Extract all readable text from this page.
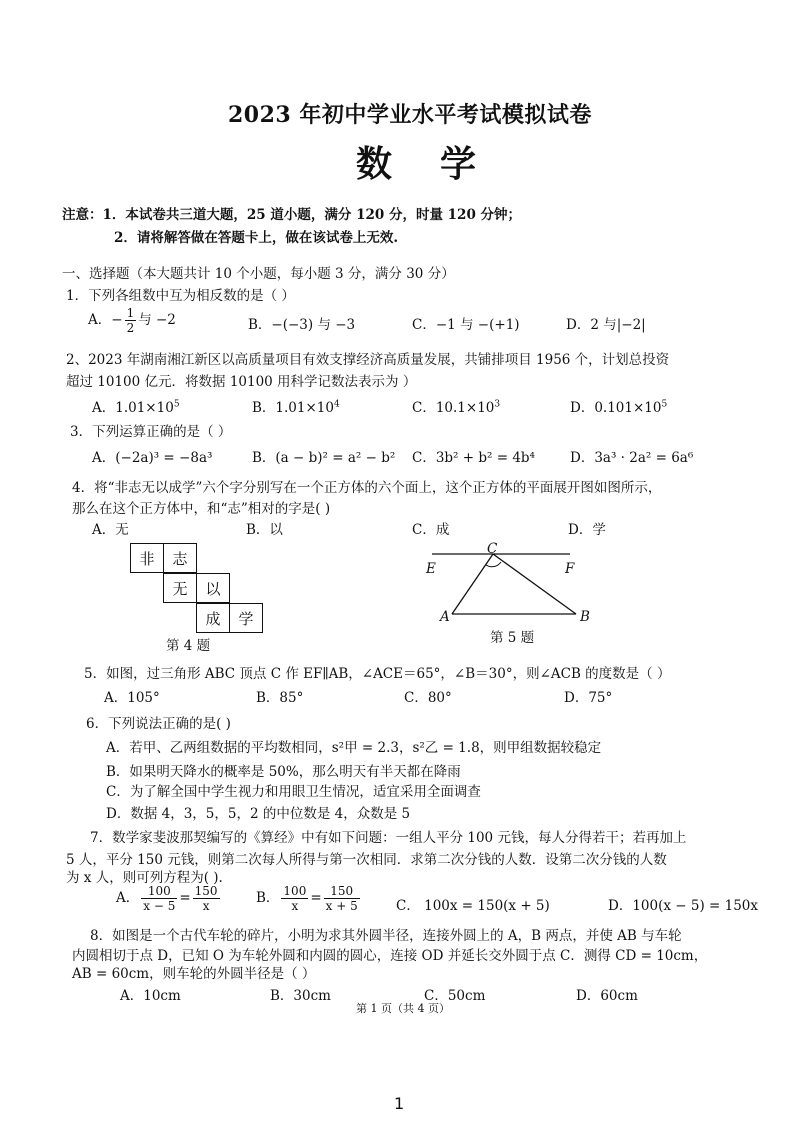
2023 年初中学业水平考试模拟试卷
数学
注意：1．本试卷共三道大题，25 道小题，满分 120 分，时量 120 分钟；
2．请将解答做在答题卡上，做在该试卷上无效.
一、选择题（本大题共计 10 个小题，每小题 3 分，满分 30 分）
1．下列各组数中互为相反数的是（ ）
A．− $\frac{1}{2}$ 与 −2	B．−(−3) 与 −3	C．−1 与 −(+1)	D．2 与|−2|
2、2023 年湖南湘江新区以高质量项目有效支撑经济高质量发展，共铺排项目 1956 个，计划总投资
超过 10100 亿元．将数据 10100 用科学记数法表示为 ）
A．$1.01\times 10^5$	B．$1.01\times 10^4$	C．$10.1\times 10^3$	D．$0.101\times 10^5$
3．下列运算正确的是（ ）
A．(−2a)³ = −8a³	B．(a − b)² = a² − b² C．3b² + b² = 4b⁴	D．3a³ · 2a² = 6a⁶
4．将“非志无以成学”六个字分别写在一个正方体的六个面上，这个正方体的平面展开图如图所示，
那么在这个正方体中，和“志”相对的字是( )
A．无	B．以	C．成	D．学
非	志
无	以
成	学
第 4 题
C
E	F
A	B
第 5 题
5．如图，过三角形 ABC 顶点 C 作 EF∥AB，∠ACE＝65°，∠B＝30°，则∠ACB 的度数是（ ）
A．105°	B．85°	C．80°	D．75°
6．下列说法正确的是( )
A．若甲、乙两组数据的平均数相同，s²甲 = 2.3，s²乙 = 1.8，则甲组数据较稳定
B．如果明天降水的概率是 50%，那么明天有半天都在降雨
C．为了解全国中学生视力和用眼卫生情况，适宜采用全面调查
D．数据 4，3，5，5，2 的中位数是 4，众数是 5
7．数学家斐波那契编写的《算经》中有如下问题：一组人平分 100 元钱，每人分得若干；若再加上
5 人，平分 150 元钱，则第二次每人所得与第一次相同．求第二次分钱的人数．设第二次分钱的人数
为 x 人，则可列方程为( ).
A． $\frac{100}{x - 5} = \frac{150}{x}$	B． $\frac{100}{x} = \frac{150}{x + 5}$	C． 100x = 150(x + 5)	D．100(x − 5) = 150x
8．如图是一个古代车轮的碎片，小明为求其外圆半径，连接外圆上的 A，B 两点，并使 AB 与车轮
内圆相切于点 D，已知 O 为车轮外圆和内圆的圆心，连接 OD 并延长交外圆于点 C．测得 CD = 10cm，
AB = 60cm，则车轮的外圆半径是（ ）
A．10cm	B．30cm	C．50cm	D．60cm
第 1 页（共 4 页）
1
